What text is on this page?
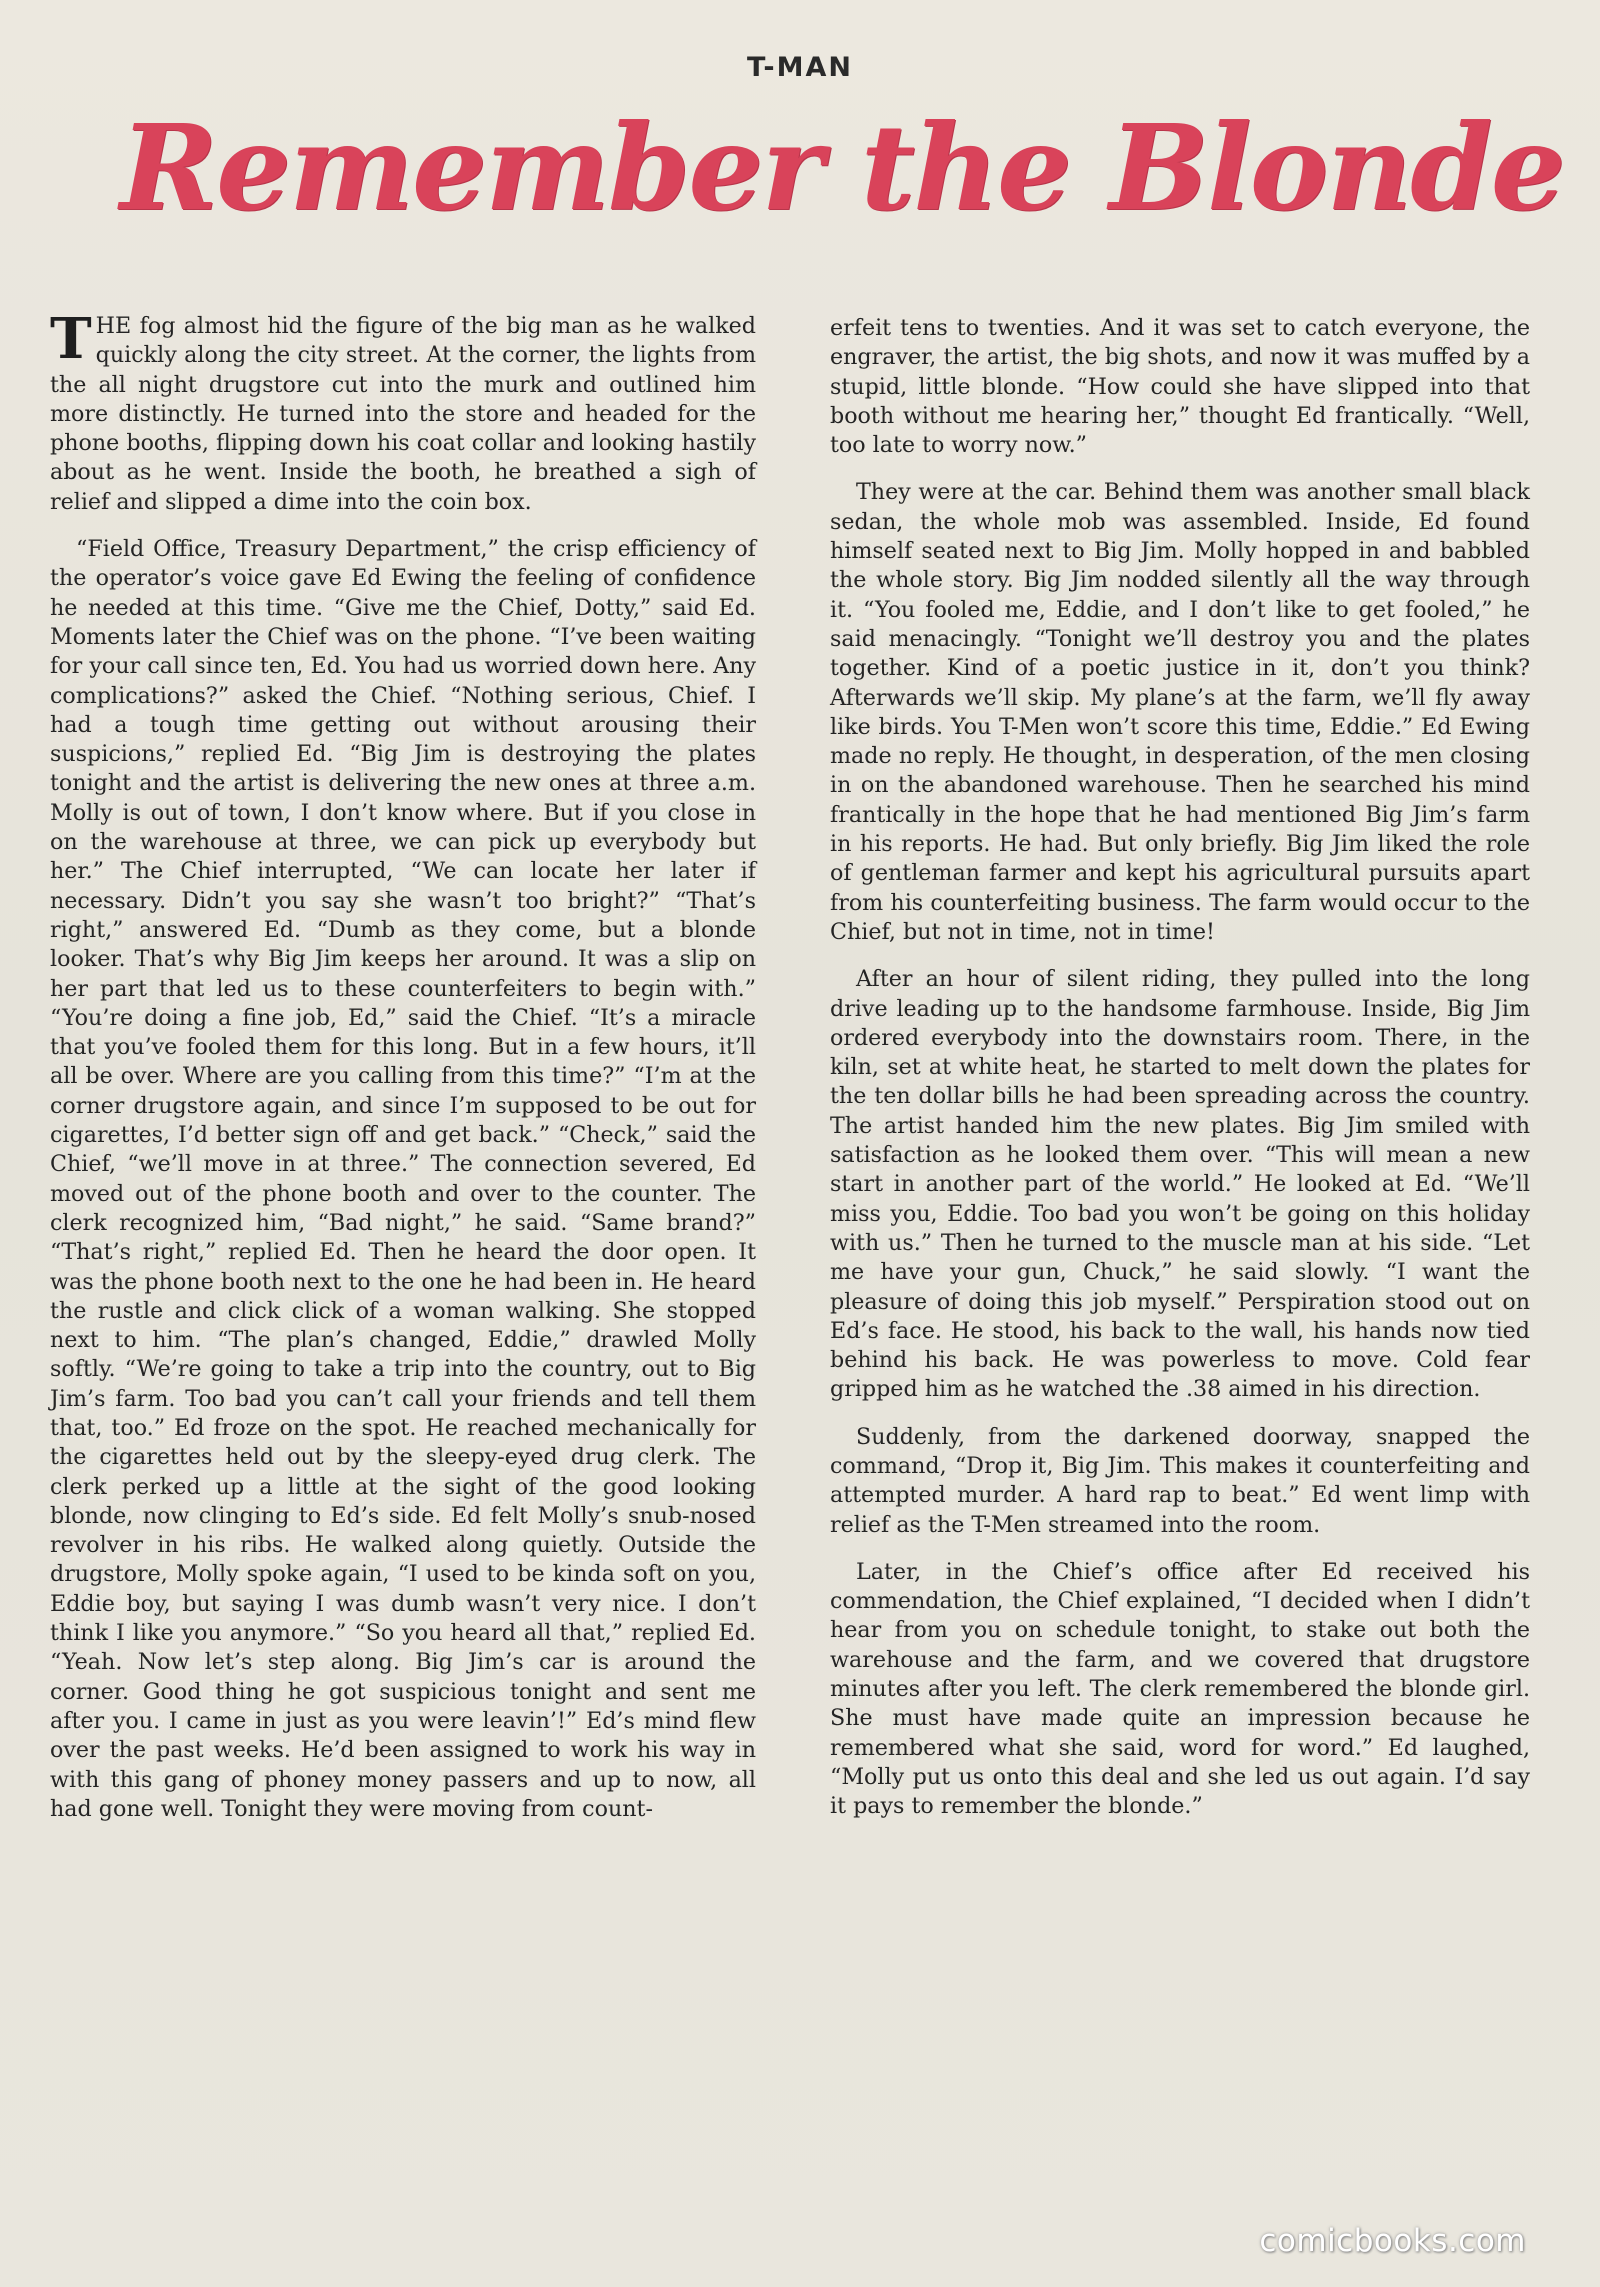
T-MAN
Remember the Blonde

THE fog almost hid the figure of the big man as he walked quickly along the city street. At the corner, the lights from the all night drugstore cut into the murk and outlined him more distinctly. He turned into the store and headed for the phone booths, flipping down his coat collar and looking hastily about as he went. Inside the booth, he breathed a sigh of relief and slipped a dime into the coin box.

“Field Office, Treasury Department,” the crisp efficiency of the operator’s voice gave Ed Ewing the feeling of confidence he needed at this time. “Give me the Chief, Dotty,” said Ed. Moments later the Chief was on the phone. “I’ve been waiting for your call since ten, Ed. You had us worried down here. Any complications?” asked the Chief. “Nothing serious, Chief. I had a tough time getting out without arousing their suspicions,” replied Ed. “Big Jim is destroying the plates tonight and the artist is delivering the new ones at three a.m. Molly is out of town, I don’t know where. But if you close in on the warehouse at three, we can pick up everybody but her.” The Chief interrupted, “We can locate her later if necessary. Didn’t you say she wasn’t too bright?” “That’s right,” answered Ed. “Dumb as they come, but a blonde looker. That’s why Big Jim keeps her around. It was a slip on her part that led us to these counterfeiters to begin with.” “You’re doing a fine job, Ed,” said the Chief. “It’s a miracle that you’ve fooled them for this long. But in a few hours, it’ll all be over. Where are you calling from this time?” “I’m at the corner drugstore again, and since I’m supposed to be out for cigarettes, I’d better sign off and get back.” “Check,” said the Chief, “we’ll move in at three.” The connection severed, Ed moved out of the phone booth and over to the counter. The clerk recognized him, “Bad night,” he said. “Same brand?” “That’s right,” replied Ed. Then he heard the door open. It was the phone booth next to the one he had been in. He heard the rustle and click click of a woman walking. She stopped next to him. “The plan’s changed, Eddie,” drawled Molly softly. “We’re going to take a trip into the country, out to Big Jim’s farm. Too bad you can’t call your friends and tell them that, too.” Ed froze on the spot. He reached mechanically for the cigarettes held out by the sleepy-eyed drug clerk. The clerk perked up a little at the sight of the good looking blonde, now clinging to Ed’s side. Ed felt Molly’s snub-nosed revolver in his ribs. He walked along quietly. Outside the drugstore, Molly spoke again, “I used to be kinda soft on you, Eddie boy, but saying I was dumb wasn’t very nice. I don’t think I like you anymore.” “So you heard all that,” replied Ed. “Yeah. Now let’s step along. Big Jim’s car is around the corner. Good thing he got suspicious tonight and sent me after you. I came in just as you were leavin’!” Ed’s mind flew over the past weeks. He’d been assigned to work his way in with this gang of phoney money passers and up to now, all had gone well. Tonight they were moving from count-

erfeit tens to twenties. And it was set to catch everyone, the engraver, the artist, the big shots, and now it was muffed by a stupid, little blonde. “How could she have slipped into that booth without me hearing her,” thought Ed frantically. “Well, too late to worry now.”

They were at the car. Behind them was another small black sedan, the whole mob was assembled. Inside, Ed found himself seated next to Big Jim. Molly hopped in and babbled the whole story. Big Jim nodded silently all the way through it. “You fooled me, Eddie, and I don’t like to get fooled,” he said menacingly. “Tonight we’ll destroy you and the plates together. Kind of a poetic justice in it, don’t you think? Afterwards we’ll skip. My plane’s at the farm, we’ll fly away like birds. You T-Men won’t score this time, Eddie.” Ed Ewing made no reply. He thought, in desperation, of the men closing in on the abandoned warehouse. Then he searched his mind frantically in the hope that he had mentioned Big Jim’s farm in his reports. He had. But only briefly. Big Jim liked the role of gentleman farmer and kept his agricultural pursuits apart from his counterfeiting business. The farm would occur to the Chief, but not in time, not in time!

After an hour of silent riding, they pulled into the long drive leading up to the handsome farmhouse. Inside, Big Jim ordered everybody into the downstairs room. There, in the kiln, set at white heat, he started to melt down the plates for the ten dollar bills he had been spreading across the country. The artist handed him the new plates. Big Jim smiled with satisfaction as he looked them over. “This will mean a new start in another part of the world.” He looked at Ed. “We’ll miss you, Eddie. Too bad you won’t be going on this holiday with us.” Then he turned to the muscle man at his side. “Let me have your gun, Chuck,” he said slowly. “I want the pleasure of doing this job myself.” Perspiration stood out on Ed’s face. He stood, his back to the wall, his hands now tied behind his back. He was powerless to move. Cold fear gripped him as he watched the .38 aimed in his direction.

Suddenly, from the darkened doorway, snapped the command, “Drop it, Big Jim. This makes it counterfeiting and attempted murder. A hard rap to beat.” Ed went limp with relief as the T-Men streamed into the room.

Later, in the Chief’s office after Ed received his commendation, the Chief explained, “I decided when I didn’t hear from you on schedule tonight, to stake out both the warehouse and the farm, and we covered that drugstore minutes after you left. The clerk remembered the blonde girl. She must have made quite an impression because he remembered what she said, word for word.” Ed laughed, “Molly put us onto this deal and she led us out again. I’d say it pays to remember the blonde.”

comicbooks.com
